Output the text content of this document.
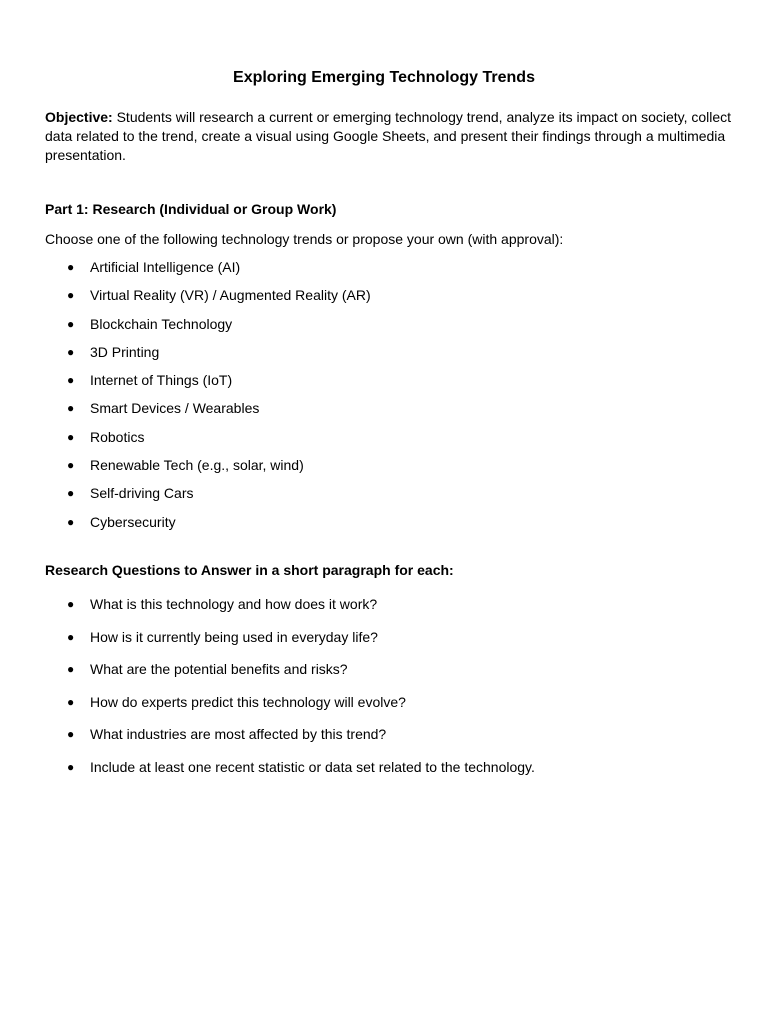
Exploring Emerging Technology Trends
Objective: Students will research a current or emerging technology trend, analyze its impact on society, collect data related to the trend, create a visual using Google Sheets, and present their findings through a multimedia presentation.
Part 1: Research (Individual or Group Work)
Choose one of the following technology trends or propose your own (with approval):
● Artificial Intelligence (AI)
● Virtual Reality (VR) / Augmented Reality (AR)
● Blockchain Technology
● 3D Printing
● Internet of Things (IoT)
● Smart Devices / Wearables
● Robotics
● Renewable Tech (e.g., solar, wind)
● Self-driving Cars
● Cybersecurity
Research Questions to Answer in a short paragraph for each:
● What is this technology and how does it work?
● How is it currently being used in everyday life?
● What are the potential benefits and risks?
● How do experts predict this technology will evolve?
● What industries are most affected by this trend?
● Include at least one recent statistic or data set related to the technology.
